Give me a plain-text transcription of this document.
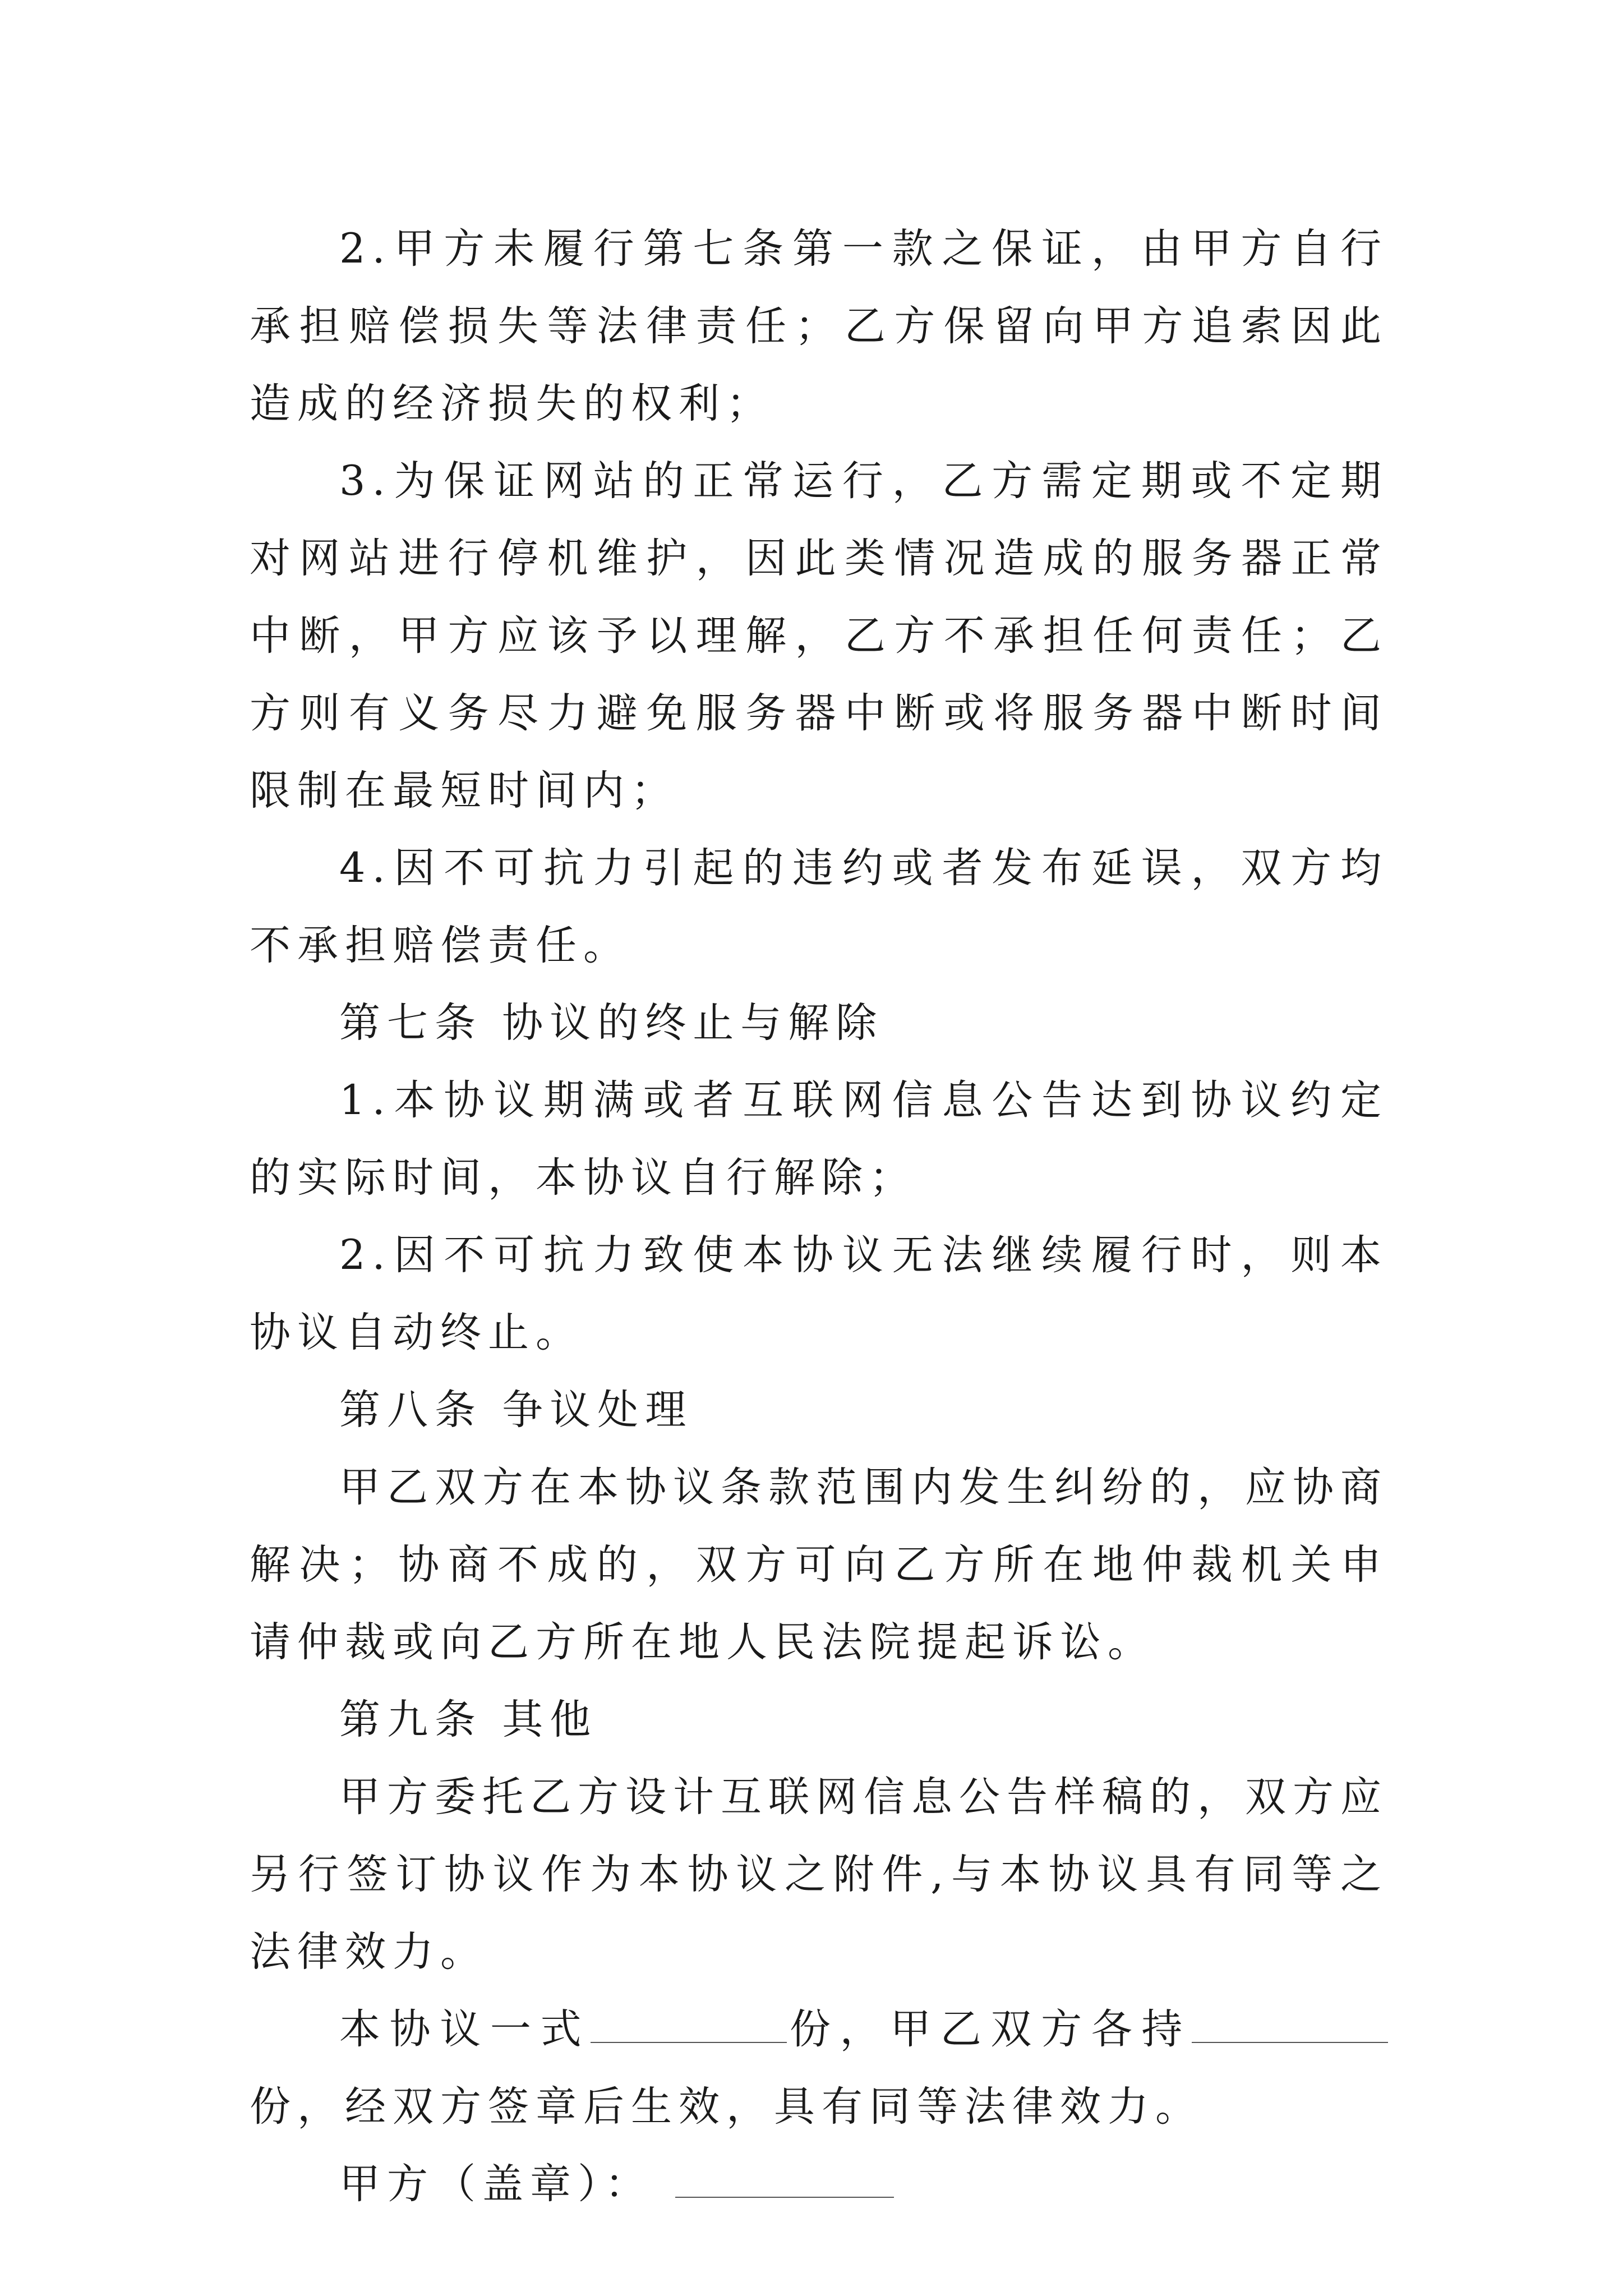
2.甲方未履行第七条第一款之保证，由甲方自行承担赔偿损失等法律责任；乙方保留向甲方追索因此造成的经济损失的权利；

3.为保证网站的正常运行，乙方需定期或不定期对网站进行停机维护，因此类情况造成的服务器正常中断，甲方应该予以理解，乙方不承担任何责任；乙方则有义务尽力避免服务器中断或将服务器中断时间限制在最短时间内；

4.因不可抗力引起的违约或者发布延误，双方均不承担赔偿责任。

第七条 协议的终止与解除

1.本协议期满或者互联网信息公告达到协议约定的实际时间，本协议自行解除；

2.因不可抗力致使本协议无法继续履行时，则本协议自动终止。

第八条 争议处理

甲乙双方在本协议条款范围内发生纠纷的，应协商解决；协商不成的，双方可向乙方所在地仲裁机关申请仲裁或向乙方所在地人民法院提起诉讼。

第九条 其他

甲方委托乙方设计互联网信息公告样稿的，双方应另行签订协议作为本协议之附件,与本协议具有同等之法律效力。

本协议一式	份，甲乙双方各持份，经双方签章后生效，具有同等法律效力。

甲方（盖章）：
